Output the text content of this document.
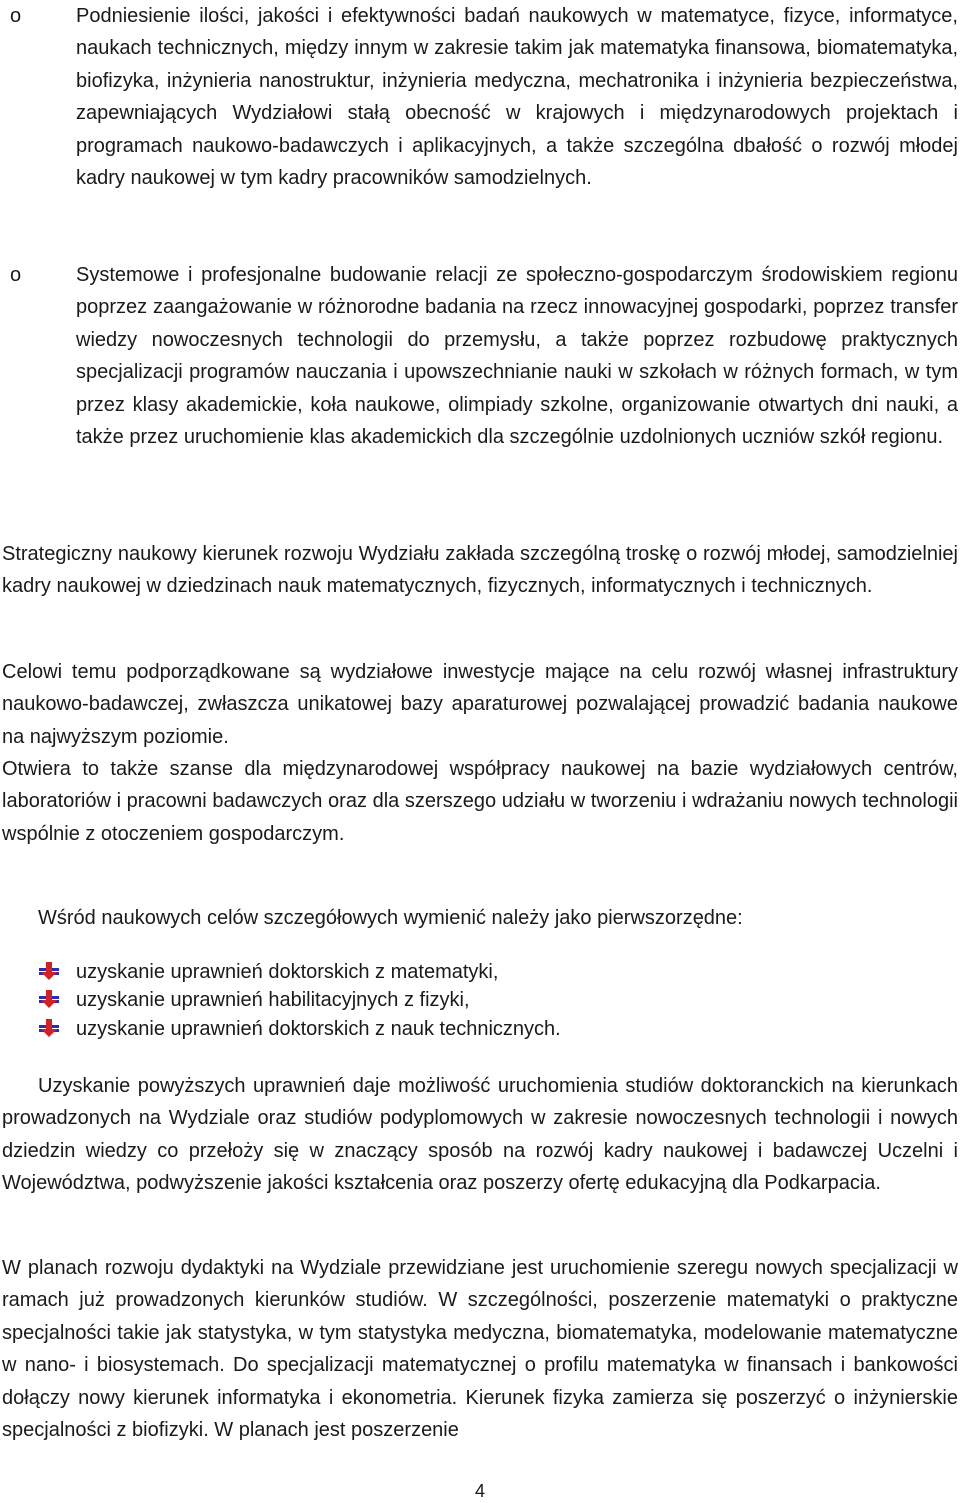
o	Podniesienie ilości, jakości i efektywności badań naukowych w matematyce, fizyce, informatyce, naukach technicznych, między innym w zakresie takim jak matematyka finansowa, biomatematyka, biofizyka, inżynieria nanostruktur, inżynieria medyczna, mechatronika i inżynieria bezpieczeństwa, zapewniających Wydziałowi stałą obecność w krajowych i międzynarodowych projektach i programach naukowo-badawczych i aplikacyjnych, a także szczególna dbałość o rozwój młodej kadry naukowej w tym kadry pracowników samodzielnych.

o	Systemowe i profesjonalne budowanie relacji ze społeczno-gospodarczym środowiskiem regionu poprzez zaangażowanie w różnorodne badania na rzecz innowacyjnej gospodarki, poprzez transfer wiedzy nowoczesnych technologii do przemysłu, a także poprzez rozbudowę praktycznych specjalizacji programów nauczania i upowszechnianie nauki w szkołach w różnych formach, w tym przez klasy akademickie, koła naukowe, olimpiady szkolne, organizowanie otwartych dni nauki, a także przez uruchomienie klas akademickich dla szczególnie uzdolnionych uczniów szkół regionu.

Strategiczny naukowy kierunek rozwoju Wydziału zakłada szczególną troskę o rozwój młodej, samodzielniej kadry naukowej w dziedzinach nauk matematycznych, fizycznych, informatycznych i technicznych.

Celowi temu podporządkowane są wydziałowe inwestycje mające na celu rozwój własnej infrastruktury naukowo-badawczej, zwłaszcza unikatowej bazy aparaturowej pozwalającej prowadzić badania naukowe na najwyższym poziomie.

Otwiera to także szanse dla międzynarodowej współpracy naukowej na bazie wydziałowych centrów, laboratoriów i pracowni badawczych oraz dla szerszego udziału w tworzeniu i wdrażaniu nowych technologii wspólnie z otoczeniem gospodarczym.

Wśród naukowych celów szczegółowych wymienić należy jako pierwszorzędne:

uzyskanie uprawnień doktorskich z matematyki,
uzyskanie uprawnień habilitacyjnych z fizyki,
uzyskanie uprawnień doktorskich z nauk technicznych.

Uzyskanie powyższych uprawnień daje możliwość uruchomienia studiów doktoranckich na kierunkach prowadzonych na Wydziale oraz studiów podyplomowych w zakresie nowoczesnych technologii i nowych dziedzin wiedzy co przełoży się w znaczący sposób na rozwój kadry naukowej i badawczej Uczelni i Województwa, podwyższenie jakości kształcenia oraz poszerzy ofertę edukacyjną dla Podkarpacia.

W planach rozwoju dydaktyki na Wydziale przewidziane jest uruchomienie szeregu nowych specjalizacji w ramach już prowadzonych kierunków studiów. W szczególności, poszerzenie matematyki o praktyczne specjalności takie jak statystyka, w tym statystyka medyczna, biomatematyka, modelowanie matematyczne w nano- i biosystemach. Do specjalizacji matematycznej o profilu matematyka w finansach i bankowości dołączy nowy kierunek informatyka i ekonometria. Kierunek fizyka zamierza się poszerzyć o inżynierskie specjalności z biofizyki. W planach jest poszerzenie

4
